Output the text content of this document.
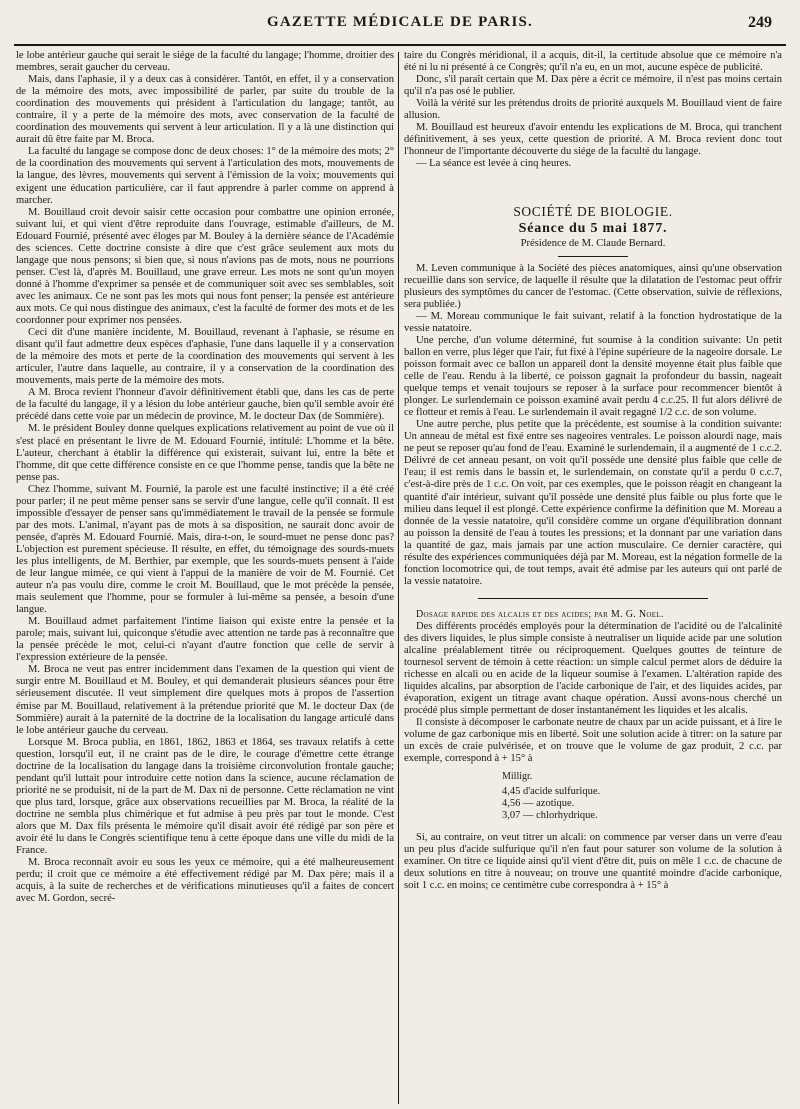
GAZETTE MÉDICALE DE PARIS.	249

le lobe antérieur gauche qui serait le siége de la faculté du langage; l'homme, droitier des membres, serait gaucher du cerveau.

Mais, dans l'aphasie, il y a deux cas à considérer. Tantôt, en effet, il y a conservation de la mémoire des mots, avec impossibilité de parler, par suite du trouble de la coordination des mouvements qui président à l'articulation du langage; tantôt, au contraire, il y a perte de la mémoire des mots, avec conservation de la faculté de coordination des mouvements qui servent à leur articulation. Il y a là une distinction qui aurait dû être faite par M. Broca.

La faculté du langage se compose donc de deux choses: 1° de la mémoire des mots; 2° de la coordination des mouvements qui servent à l'articulation des mots, mouvements de la langue, des lèvres, mouvements qui servent à l'émission de la voix; mouvements qui exigent une éducation particulière, car il faut apprendre à parler comme on apprend à marcher.

M. Bouillaud croit devoir saisir cette occasion pour combattre une opinion erronée, suivant lui, et qui vient d'être reproduite dans l'ouvrage, estimable d'ailleurs, de M. Edouard Fournié, présenté avec éloges par M. Bouley à la dernière séance de l'Académie des sciences. Cette doctrine consiste à dire que c'est grâce seulement aux mots du langage que nous pensons; si bien que, si nous n'avions pas de mots, nous ne pourrions penser. C'est là, d'après M. Bouillaud, une grave erreur. Les mots ne sont qu'un moyen donné à l'homme d'exprimer sa pensée et de communiquer soit avec ses semblables, soit avec les animaux. Ce ne sont pas les mots qui nous font penser; la pensée est antérieure aux mots. Ce qui nous distingue des animaux, c'est la faculté de former des mots et de les coordonner pour exprimer nos pensées.

Ceci dit d'une manière incidente, M. Bouillaud, revenant à l'aphasie, se résume en disant qu'il faut admettre deux espèces d'aphasie, l'une dans laquelle il y a conservation de la mémoire des mots et perte de la coordination des mouvements qui servent à les articuler, l'autre dans laquelle, au contraire, il y a conservation de la coordination des mouvements, mais perte de la mémoire des mots.

A M. Broca revient l'honneur d'avoir définitivement établi que, dans les cas de perte de la faculté du langage, il y a lésion du lobe antérieur gauche, bien qu'il semble avoir été précédé dans cette voie par un médecin de province, M. le docteur Dax (de Sommière).

M. le président Bouley donne quelques explications relativement au point de vue où il s'est placé en présentant le livre de M. Edouard Fournié, intitulé: L'homme et la bête. L'auteur, cherchant à établir la différence qui existerait, suivant lui, entre la bête et l'homme, dit que cette différence consiste en ce que l'homme pense, tandis que la bête ne pense pas.

Chez l'homme, suivant M. Fournié, la parole est une faculté instinctive; il a été créé pour parler; il ne peut même penser sans se servir d'une langue, celle qu'il connaît. Il est impossible d'essayer de penser sans qu'immédiatement le travail de la pensée se formule par des mots. L'animal, n'ayant pas de mots à sa disposition, ne saurait donc avoir de pensée, d'après M. Edouard Fournié. Mais, dira-t-on, le sourd-muet ne pense donc pas? L'objection est purement spécieuse. Il résulte, en effet, du témoignage des sourds-muets les plus intelligents, de M. Berthier, par exemple, que les sourds-muets pensent à l'aide de leur langue mimée, ce qui vient à l'appui de la manière de voir de M. Fournié. Cet auteur n'a pas voulu dire, comme le croit M. Bouillaud, que le mot précède la pensée, mais seulement que l'homme, pour se formuler à lui-même sa pensée, a besoin d'une langue.

M. Bouillaud admet parfaitement l'intime liaison qui existe entre la pensée et la parole; mais, suivant lui, quiconque s'étudie avec attention ne tarde pas à reconnaître que la pensée précède le mot, celui-ci n'ayant d'autre fonction que celle de servir à l'expression extérieure de la pensée.

M. Broca ne veut pas entrer incidemment dans l'examen de la question qui vient de surgir entre M. Bouillaud et M. Bouley, et qui demanderait plusieurs séances pour être sérieusement discutée. Il veut simplement dire quelques mots à propos de l'assertion émise par M. Bouillaud, relativement à la prétendue priorité que M. le docteur Dax (de Sommière) aurait à la paternité de la doctrine de la localisation du langage articulé dans le lobe antérieur gauche du cerveau.

Lorsque M. Broca publia, en 1861, 1862, 1863 et 1864, ses travaux relatifs à cette question, lorsqu'il eut, il ne craint pas de le dire, le courage d'émettre cette étrange doctrine de la localisation du langage dans la troisième circonvolution frontale gauche; pendant qu'il luttait pour introduire cette notion dans la science, aucune réclamation de priorité ne se produisit, ni de la part de M. Dax ni de personne. Cette réclamation ne vint que plus tard, lorsque, grâce aux observations recueillies par M. Broca, la réalité de la doctrine ne sembla plus chimérique et fut admise à peu près par tout le monde. C'est alors que M. Dax fils présenta le mémoire qu'il disait avoir été rédigé par son père et avoir été lu dans le Congrès scientifique tenu à cette époque dans une ville du midi de la France.

M. Broca reconnaît avoir eu sous les yeux ce mémoire, qui a été malheureusement perdu; il croit que ce mémoire a été effectivement rédigé par M. Dax père; mais il a acquis, à la suite de recherches et de vérifications minutieuses qu'il a faites de concert avec M. Gordon, secré-

taire du Congrès méridional, il a acquis, dit-il, la certitude absolue que ce mémoire n'a été ni lu ni présenté à ce Congrès; qu'il n'a eu, en un mot, aucune espèce de publicité.

Donc, s'il paraît certain que M. Dax père a écrit ce mémoire, il n'est pas moins certain qu'il n'a pas osé le publier.

Voilà la vérité sur les prétendus droits de priorité auxquels M. Bouillaud vient de faire allusion.

M. Bouillaud est heureux d'avoir entendu les explications de M. Broca, qui tranchent définitivement, à ses yeux, cette question de priorité. A M. Broca revient donc tout l'honneur de l'importante découverte du siége de la faculté du langage.

— La séance est levée à cinq heures.

SOCIÉTÉ DE BIOLOGIE.
Séance du 5 mai 1877.
Présidence de M. Claude Bernard.

M. Leven communique à la Société des pièces anatomiques, ainsi qu'une observation recueillie dans son service, de laquelle il résulte que la dilatation de l'estomac peut offrir plusieurs des symptômes du cancer de l'estomac. (Cette observation, suivie de réflexions, sera publiée.)

— M. Moreau communique le fait suivant, relatif à la fonction hydrostatique de la vessie natatoire.

Une perche, d'un volume déterminé, fut soumise à la condition suivante: Un petit ballon en verre, plus léger que l'air, fut fixé à l'épine supérieure de la nageoire dorsale. Le poisson formait avec ce ballon un appareil dont la densité moyenne était plus faible que celle de l'eau. Rendu à la liberté, ce poisson gagnait la profondeur du bassin, nageait quelque temps et venait toujours se reposer à la surface pour recommencer bientôt à plonger. Le surlendemain ce poisson examiné avait perdu 4 c.c.25. Il fut alors délivré de ce flotteur et remis à l'eau. Le surlendemain il avait regagné 1/2 c.c. de son volume.

Une autre perche, plus petite que la précédente, est soumise à la condition suivante: Un anneau de métal est fixé entre ses nageoires ventrales. Le poisson alourdi nage, mais ne peut se reposer qu'au fond de l'eau. Examiné le surlendemain, il a augmenté de 1 c.c.2. Délivré de cet anneau pesant, on voit qu'il possède une densité plus faible que celle de l'eau; il est remis dans le bassin et, le surlendemain, on constate qu'il a perdu 0 c.c.7, c'est-à-dire près de 1 c.c. On voit, par ces exemples, que le poisson réagit en changeant la quantité d'air intérieur, suivant qu'il possède une densité plus faible ou plus forte que le milieu dans lequel il est plongé. Cette expérience confirme la définition que M. Moreau a donnée de la vessie natatoire, qu'il considère comme un organe d'équilibration donnant au poisson la densité de l'eau à toutes les pressions; et la donnant par une variation dans la quantité de gaz, mais jamais par une action musculaire. Ce dernier caractère, qui résulte des expériences communiquées déjà par M. Moreau, est la négation formelle de la fonction locomotrice qui, de tout temps, avait été admise par les auteurs qui ont parlé de la vessie natatoire.

Dosage rapide des alcalis et des acides; par M. G. Noel.

Des différents procédés employés pour la détermination de l'acidité ou de l'alcalinité des divers liquides, le plus simple consiste à neutraliser un liquide acide par une solution alcaline préalablement titrée ou réciproquement. Quelques gouttes de teinture de tournesol servent de témoin à cette réaction: un simple calcul permet alors de déduire la richesse en alcali ou en acide de la liqueur soumise à l'examen. L'altération rapide des liquides alcalins, par absorption de l'acide carbonique de l'air, et des liquides acides, par évaporation, exigent un titrage avant chaque opération. Aussi avons-nous cherché un procédé plus simple permettant de doser instantanément les liquides et les alcalis.

Il consiste à décomposer le carbonate neutre de chaux par un acide puissant, et à lire le volume de gaz carbonique mis en liberté. Soit une solution acide à titrer: on la sature par un excès de craie pulvérisée, et on trouve que le volume de gaz produit, 2 c.c. par exemple, correspond à + 15° à

Milligr.
4,45 d'acide sulfurique.
4,56 — azotique.
3,07 — chlorhydrique.

Si, au contraire, on veut titrer un alcali: on commence par verser dans un verre d'eau un peu plus d'acide sulfurique qu'il n'en faut pour saturer son volume de la solution à examiner. On titre ce liquide ainsi qu'il vient d'être dit, puis on mêle 1 c.c. de chacune de deux solutions en titre à nouveau; on trouve une quantité moindre d'acide carbonique, soit 1 c.c. en moins; ce centimètre cube correspondra à + 15° à
